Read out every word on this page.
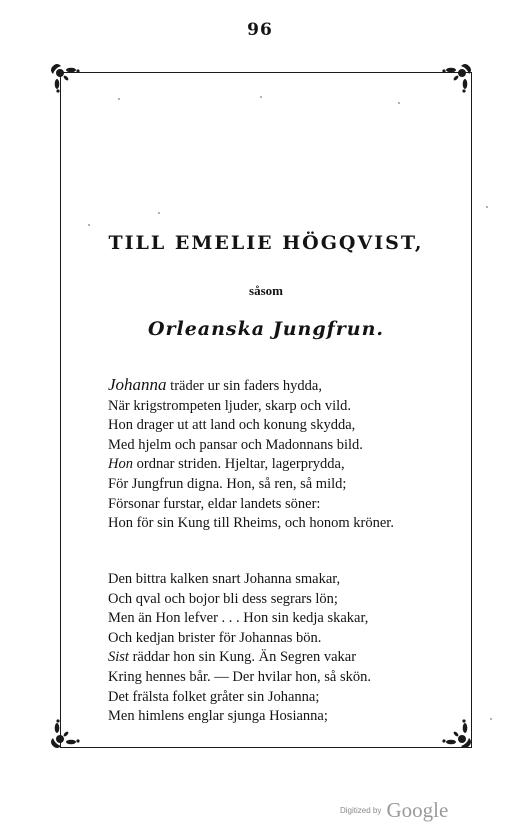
96
TILL EMELIE HÖGQVIST,
såsom
Orleanska Jungfrun.
Johanna träder ur sin faders hydda,
När krigstrompeten ljuder, skarp och vild.
Hon drager ut att land och konung skydda,
Med hjelm och pansar och Madonnans bild.
Hon ordnar striden. Hjeltar, lagerprydda,
För Jungfrun digna. Hon, så ren, så mild;
Försonar furstar, eldar landets söner:
Hon för sin Kung till Rheims, och honom kröner.
Den bittra kalken snart Johanna smakar,
Och qval och bojor bli dess segrars lön;
Men än Hon lefver . . . Hon sin kedja skakar,
Och kedjan brister för Johannas bön.
Sist räddar hon sin Kung. Än Segren vakar
Kring hennes bår. — Der hvilar hon, så skön.
Det frälsta folket gråter sin Johanna;
Men himlens englar sjunga Hosianna;
Digitized by Google
